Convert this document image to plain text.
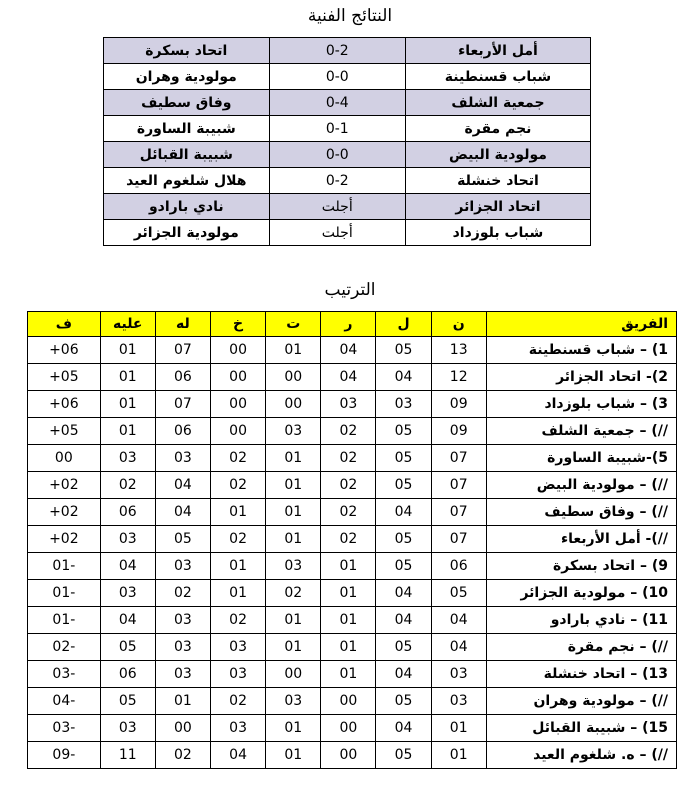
النتائج الفنية
اتحاد بسكرة	0-2	أمل الأربعاء
مولودية وهران	0-0	شباب قسنطينة
وفاق سطيف	0-4	جمعية الشلف
شبيبة الساورة	0-1	نجم مقرة
شبيبة القبائل	0-0	مولودية البيض
هلال شلغوم العيد	0-2	اتحاد خنشلة
نادي بارادو	أجلت	اتحاد الجزائر
مولودية الجزائر	أجلت	شباب بلوزداد
الترتيب
ف	عليه	له	خ	ت	ر	ل	ن	الفريق
+06	01	07	00	01	04	05	13	1) – شباب قسنطينة
+05	01	06	00	00	04	04	12	2)- اتحاد الجزائر
+06	01	07	00	00	03	03	09	3) – شباب بلوزداد
+05	01	06	00	03	02	05	09	//) – جمعية الشلف
00	03	03	02	01	02	05	07	5)-شبيبة الساورة
+02	02	04	02	01	02	05	07	//) – مولودية البيض
+02	06	04	01	01	02	04	07	//) – وفاق سطيف
+02	03	05	02	01	02	05	07	//)- أمل الأربعاء
01-	04	03	01	03	01	05	06	9) – اتحاد بسكرة
01-	03	02	01	02	01	04	05	10) – مولودية الجزائر
01-	04	03	02	01	01	04	04	11) – نادي بارادو
02-	05	03	03	01	01	05	04	//) – نجم مقرة
03-	06	03	03	00	01	04	03	13) – اتحاد خنشلة
04-	05	01	02	03	00	05	03	//) – مولودية وهران
03-	03	00	03	01	00	04	01	15) – شبيبة القبائل
09-	11	02	04	01	00	05	01	//) – ه. شلغوم العيد
